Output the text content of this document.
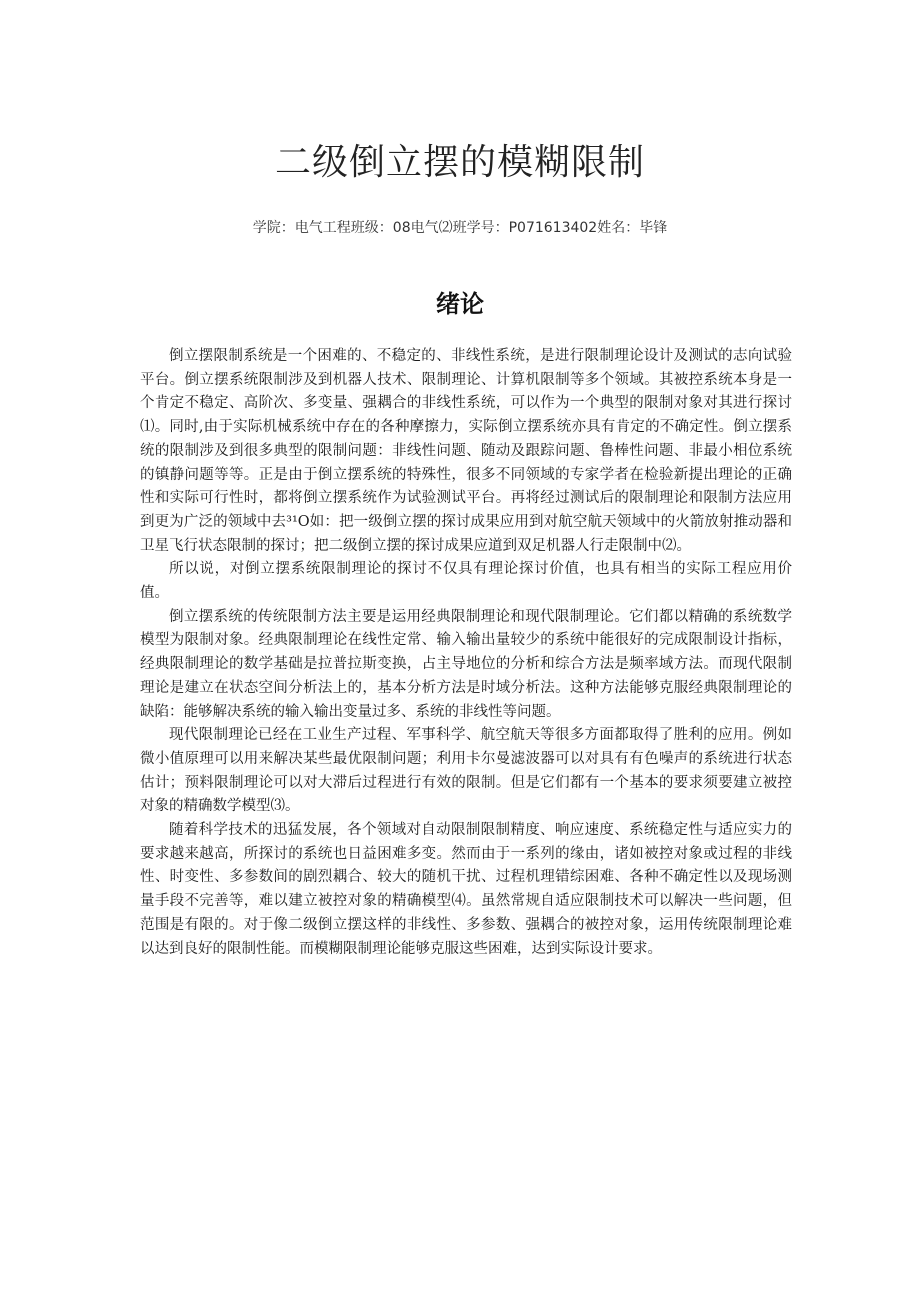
二级倒立摆的模糊限制
学院：电气工程班级：08电气⑵班学号：P071613402姓名：毕锋
绪论

倒立摆限制系统是一个困难的、不稳定的、非线性系统，是进行限制理论设计及测试的志向试验平台。倒立摆系统限制涉及到机器人技术、限制理论、计算机限制等多个领域。其被控系统本身是一个肯定不稳定、高阶次、多变量、强耦合的非线性系统，可以作为一个典型的限制对象对其进行探讨⑴。同时,由于实际机械系统中存在的各种摩擦力，实际倒立摆系统亦具有肯定的不确定性。倒立摆系统的限制涉及到很多典型的限制问题：非线性问题、随动及跟踪问题、鲁棒性问题、非最小相位系统的镇静问题等等。正是由于倒立摆系统的特殊性，很多不同领域的专家学者在检验新提出理论的正确性和实际可行性时，都将倒立摆系统作为试验测试平台。再将经过测试后的限制理论和限制方法应用到更为广泛的领域中去³¹O如：把一级倒立摆的探讨成果应用到对航空航天领域中的火箭放射推动器和卫星飞行状态限制的探讨；把二级倒立摆的探讨成果应道到双足机器人行走限制中⑵。

所以说，对倒立摆系统限制理论的探讨不仅具有理论探讨价值，也具有相当的实际工程应用价值。

倒立摆系统的传统限制方法主要是运用经典限制理论和现代限制理论。它们都以精确的系统数学模型为限制对象。经典限制理论在线性定常、输入输出量较少的系统中能很好的完成限制设计指标，经典限制理论的数学基础是拉普拉斯变换，占主导地位的分析和综合方法是频率域方法。而现代限制理论是建立在状态空间分析法上的，基本分析方法是时域分析法。这种方法能够克服经典限制理论的缺陷：能够解决系统的输入输出变量过多、系统的非线性等问题。

现代限制理论已经在工业生产过程、军事科学、航空航天等很多方面都取得了胜利的应用。例如微小值原理可以用来解决某些最优限制问题；利用卡尔曼滤波器可以对具有有色噪声的系统进行状态估计；预料限制理论可以对大滞后过程进行有效的限制。但是它们都有一个基本的要求须要建立被控对象的精确数学模型⑶。

随着科学技术的迅猛发展，各个领域对自动限制限制精度、响应速度、系统稳定性与适应实力的要求越来越高，所探讨的系统也日益困难多变。然而由于一系列的缘由，诸如被控对象或过程的非线性、时变性、多参数间的剧烈耦合、较大的随机干扰、过程机理错综困难、各种不确定性以及现场测量手段不完善等，难以建立被控对象的精确模型⑷。虽然常规自适应限制技术可以解决一些问题，但范围是有限的。对于像二级倒立摆这样的非线性、多参数、强耦合的被控对象，运用传统限制理论难以达到良好的限制性能。而模糊限制理论能够克服这些困难，达到实际设计要求。
